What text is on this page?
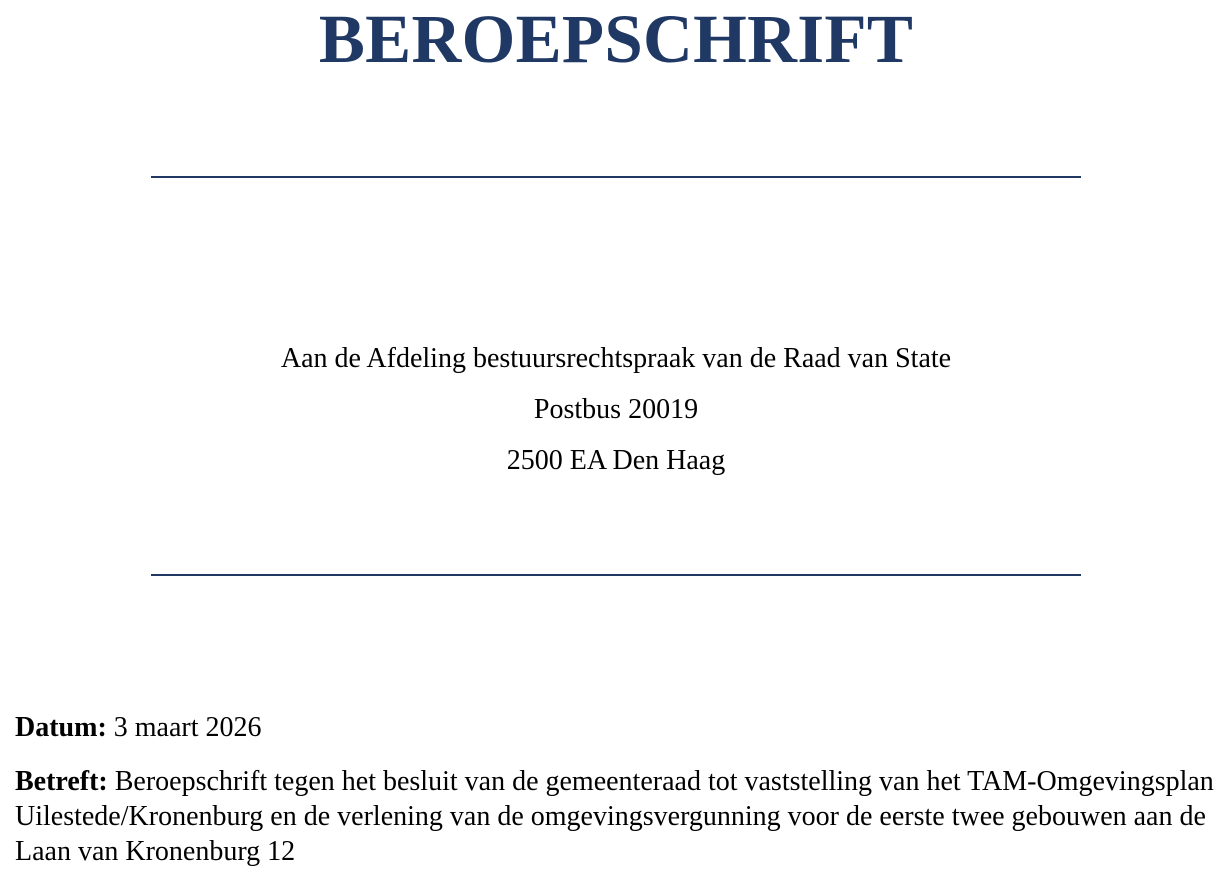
BEROEPSCHRIFT
Aan de Afdeling bestuursrechtspraak van de Raad van State
Postbus 20019
2500 EA Den Haag
Datum: 3 maart 2026
Betreft: Beroepschrift tegen het besluit van de gemeenteraad tot vaststelling van het TAM-Omgevingsplan Uilestede/Kronenburg en de verlening van de omgevingsvergunning voor de eerste twee gebouwen aan de Laan van Kronenburg 12
